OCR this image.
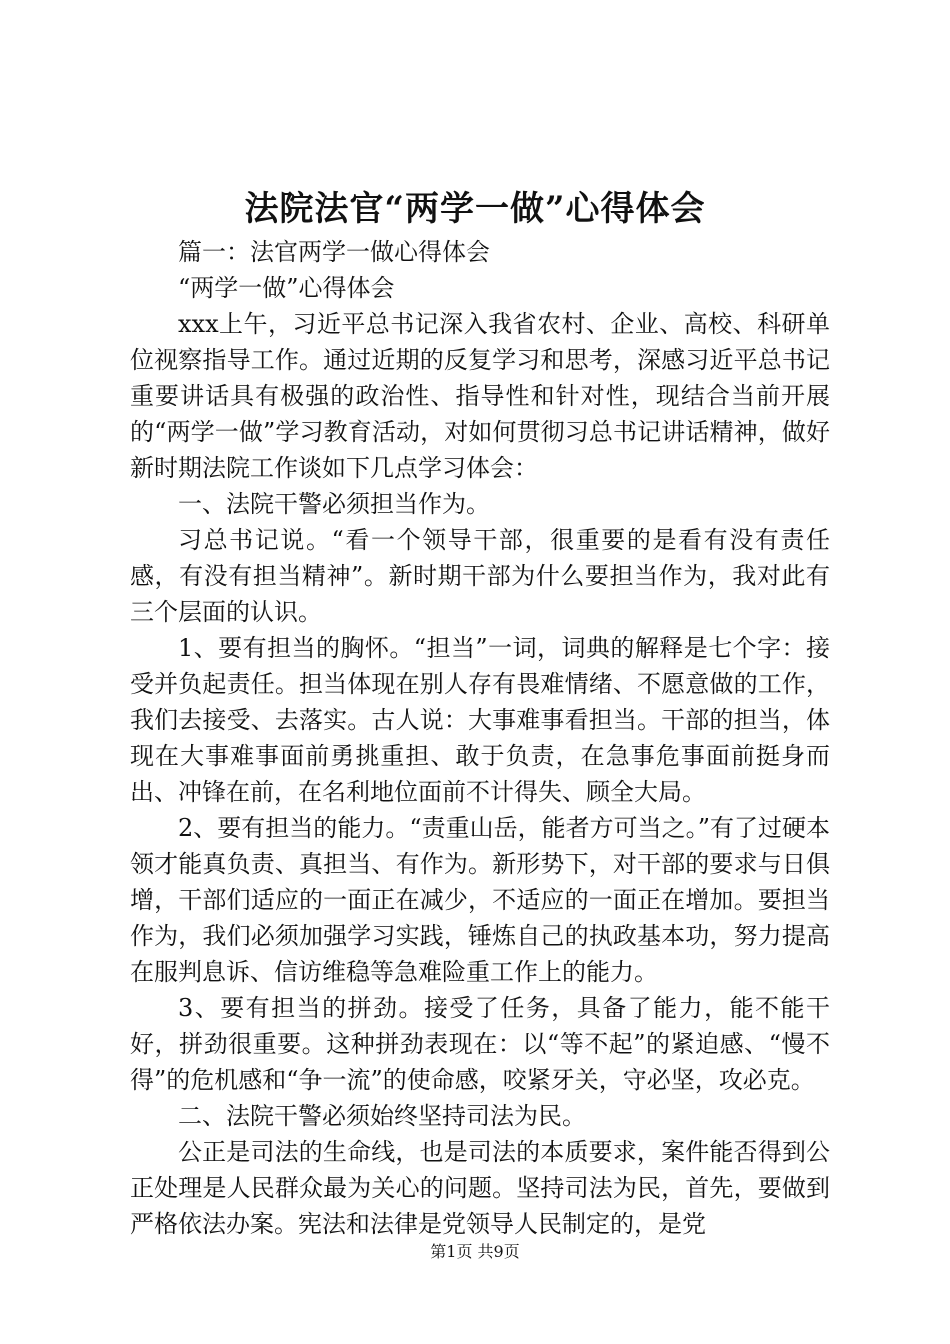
法院法官“两学一做”心得体会

篇一：法官两学一做心得体会

“两学一做”心得体会

xxx上午，习近平总书记深入我省农村、企业、高校、科研单位视察指导工作。通过近期的反复学习和思考，深感习近平总书记重要讲话具有极强的政治性、指导性和针对性，现结合当前开展的“两学一做”学习教育活动，对如何贯彻习总书记讲话精神，做好新时期法院工作谈如下几点学习体会：

一、法院干警必须担当作为。

习总书记说。“看一个领导干部，很重要的是看有没有责任感，有没有担当精神”。新时期干部为什么要担当作为，我对此有三个层面的认识。

1、要有担当的胸怀。“担当”一词，词典的解释是七个字：接受并负起责任。担当体现在别人存有畏难情绪、不愿意做的工作，我们去接受、去落实。古人说：大事难事看担当。干部的担当，体现在大事难事面前勇挑重担、敢于负责，在急事危事面前挺身而出、冲锋在前，在名利地位面前不计得失、顾全大局。

2、要有担当的能力。“责重山岳，能者方可当之。”有了过硬本领才能真负责、真担当、有作为。新形势下，对干部的要求与日俱增，干部们适应的一面正在减少，不适应的一面正在增加。要担当作为，我们必须加强学习实践，锤炼自己的执政基本功，努力提高在服判息诉、信访维稳等急难险重工作上的能力。

3、要有担当的拼劲。接受了任务，具备了能力，能不能干好，拼劲很重要。这种拼劲表现在：以“等不起”的紧迫感、“慢不得”的危机感和“争一流”的使命感，咬紧牙关，守必坚，攻必克。

二、法院干警必须始终坚持司法为民。

公正是司法的生命线，也是司法的本质要求，案件能否得到公正处理是人民群众最为关心的问题。坚持司法为民，首先，要做到严格依法办案。宪法和法律是党领导人民制定的，是党

第1页 共9页
